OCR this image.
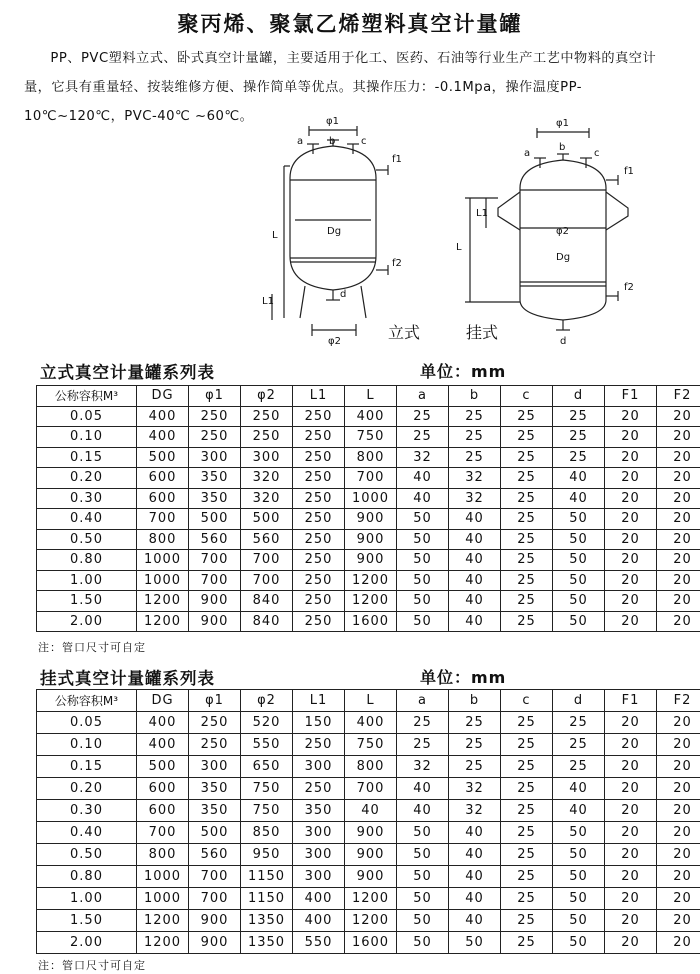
聚丙烯、聚氯乙烯塑料真空计量罐

PP、PVC塑料立式、卧式真空计量罐，主要适用于化工、医药、石油等行业生产工艺中物料的真空计量，它具有重量轻、按装维修方便、操作简单等优点。其操作压力：-0.1Mpa，操作温度PP-10℃~120℃，PVC-40℃ ~60℃。	φ1
a	b	c
f1
Dg
L
f2
L1
φ2
d
立式
φ1
a
b
c
f1
L1
φ2
L
Dg
f2
d
挂式
立式真空计量罐系列表	单位：mm
公称容积M³	DG	φ1	φ2	L1	L	a	b	c	d	F1	F2
0.05	400	250	250	250	400	25	25	25	25	20	20
0.10	400	250	250	250	750	25	25	25	25	20	20
0.15	500	300	300	250	800	32	25	25	25	20	20
0.20	600	350	320	250	700	40	32	25	40	20	20
0.30	600	350	320	250	1000	40	32	25	40	20	20
0.40	700	500	500	250	900	50	40	25	50	20	20
0.50	800	560	560	250	900	50	40	25	50	20	20
0.80	1000	700	700	250	900	50	40	25	50	20	20
1.00	1000	700	700	250	1200	50	40	25	50	20	20
1.50	1200	900	840	250	1200	50	40	25	50	20	20
2.00	1200	900	840	250	1600	50	40	25	50	20	20
注：管口尺寸可自定
挂式真空计量罐系列表	单位：mm
公称容积M³	DG	φ1	φ2	L1	L	a	b	c	d	F1	F2
0.05	400	250	520	150	400	25	25	25	25	20	20
0.10	400	250	550	250	750	25	25	25	25	20	20
0.15	500	300	650	300	800	32	25	25	25	20	20
0.20	600	350	750	250	700	40	32	25	40	20	20
0.30	600	350	750	350	40	40	32	25	40	20	20
0.40	700	500	850	300	900	50	40	25	50	20	20
0.50	800	560	950	300	900	50	40	25	50	20	20
0.80	1000	700	1150	300	900	50	40	25	50	20	20
1.00	1000	700	1150	400	1200	50	40	25	50	20	20
1.50	1200	900	1350	400	1200	50	40	25	50	20	20
2.00	1200	900	1350	550	1600	50	50	25	50	20	20
注：管口尺寸可自定
